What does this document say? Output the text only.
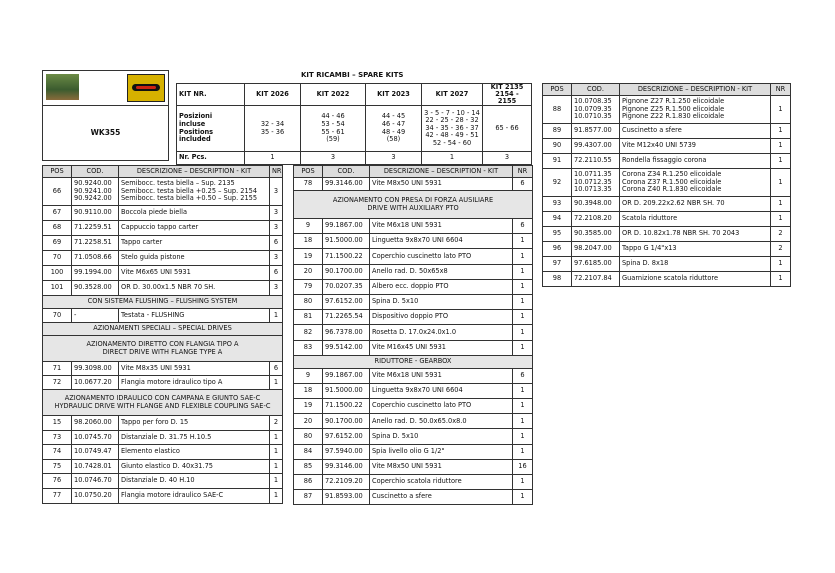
KIT RICAMBI – SPARE KITS

WK355
KIT NR.	KIT 2026	KIT 2022	KIT 2023	KIT 2027	KIT 2135
2154 - 2155
Posizioni
incluse
Positions
included	32 - 34
35 - 36	44 - 46
53 - 54
55 - 61
(59)	44 - 45
46 - 47
48 - 49
(58)	3 - 5 - 7 - 10 - 14
22 - 25 - 28 - 32
34 - 35 - 36 - 37
42 - 48 - 49 - 51
52 - 54 - 60	65 - 66
Nr. Pcs.	1	3	3	1	3
POS	COD.	DESCRIZIONE – DESCRIPTION - KIT	NR
66	90.9240.00
90.9241.00
90.9242.00	Semibocc. testa biella – Sup. 2135
Semibocc. testa biella +0.25 – Sup. 2154
Semibocc. testa biella +0.50 – Sup. 2155	3
67	90.9110.00	Boccola piede biella	3
68	71.2259.51	Cappuccio tappo carter	3
69	71.2258.51	Tappo carter	6
70	71.0508.66	Stelo guida pistone	3
100	99.1994.00	Vite M6x65 UNI 5931	6
101	90.3528.00	OR D. 30.00x1.5 NBR 70 SH.	3
CON SISTEMA FLUSHING – FLUSHING SYSTEM			
70	-	Testata - FLUSHING	1
AZIONAMENTI SPECIALI – SPECIAL DRIVES			
AZIONAMENTO DIRETTO CON FLANGIA TIPO A
DIRECT DRIVE WITH FLANGE TYPE A			
71	99.3098.00	Vite M8x35 UNI 5931	6
72	10.0677.20	Flangia motore idraulico tipo A	1
AZIONAMENTO IDRAULICO CON CAMPANA E GIUNTO SAE-C
HYDRAULIC DRIVE WITH FLANGE AND FLEXIBLE COUPLING SAE-C			
15	98.2060.00	Tappo per foro D. 15	2
73	10.0745.70	Distanziale D. 31.75 H.10.5	1
74	10.0749.47	Elemento elastico	1
75	10.7428.01	Giunto elastico D. 40x31.75	1
76	10.0746.70	Distanziale D. 40 H.10	1
77	10.0750.20	Flangia motore idraulico SAE-C	1
POS	COD.	DESCRIZIONE – DESCRIPTION - KIT	NR
78	99.3146.00	Vite M8x50 UNI 5931	6
AZIONAMENTO CON PRESA DI FORZA AUSILIARE
DRIVE WITH AUXILIARY PTO			
9	99.1867.00	Vite M6x18 UNI 5931	6
18	91.5000.00	Linguetta 9x8x70 UNI 6604	1
19	71.1500.22	Coperchio cuscinetto lato PTO	1
20	90.1700.00	Anello rad. D. 50x65x8	1
79	70.0207.35	Albero ecc. doppio PTO	1
80	97.6152.00	Spina D. 5x10	1
81	71.2265.54	Dispositivo doppio PTO	1
82	96.7378.00	Rosetta D. 17.0x24.0x1.0	1
83	99.5142.00	Vite M16x45 UNI 5931	1
RIDUTTORE - GEARBOX			
9	99.1867.00	Vite M6x18 UNI 5931	6
18	91.5000.00	Linguetta 9x8x70 UNI 6604	1
19	71.1500.22	Coperchio cuscinetto lato PTO	1
20	90.1700.00	Anello rad. D. 50.0x65.0x8.0	1
80	97.6152.00	Spina D. 5x10	1
84	97.5940.00	Spia livello olio G 1/2"	1
85	99.3146.00	Vite M8x50 UNI 5931	16
86	72.2109.20	Coperchio scatola riduttore	1
87	91.8593.00	Cuscinetto a sfere	1
POS	COD.	DESCRIZIONE – DESCRIPTION - KIT	NR
88	10.0708.35
10.0709.35
10.0710.35	Pignone Z27 R.1.250 elicoidale
Pignone Z25 R.1.500 elicoidale
Pignone Z22 R.1.830 elicoidale	1
89	91.8577.00	Cuscinetto a sfere	1
90	99.4307.00	Vite M12x40 UNI 5739	1
91	72.2110.55	Rondella fissaggio corona	1
92	10.0711.35
10.0712.35
10.0713.35	Corona Z34 R.1.250 elicoidale
Corona Z37 R.1.500 elicoidale
Corona Z40 R.1.830 elicoidale	1
93	90.3948.00	OR D. 209.22x2.62 NBR SH. 70	1
94	72.2108.20	Scatola riduttore	1
95	90.3585.00	OR D. 10.82x1.78 NBR SH. 70 2043	2
96	98.2047.00	Tappo G 1/4"x13	2
97	97.6185.00	Spina D. 8x18	1
98	72.2107.84	Guarnizione scatola riduttore	1
